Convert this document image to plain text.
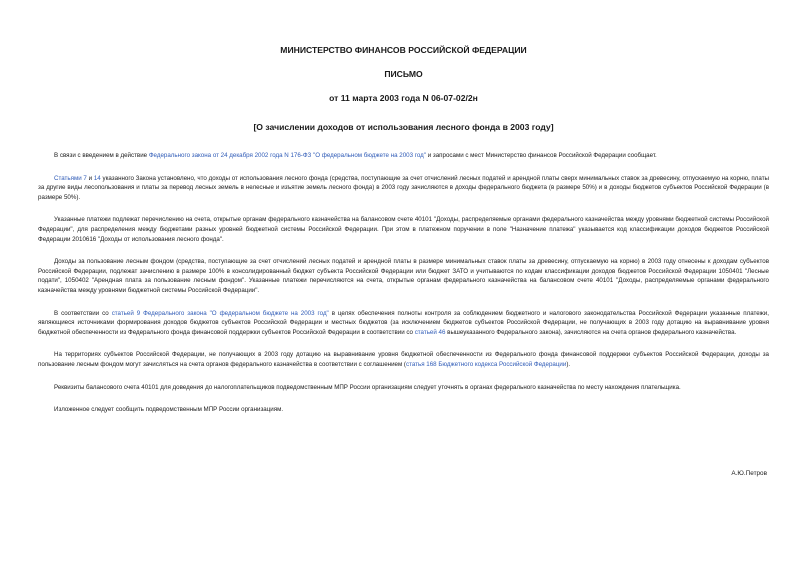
МИНИСТЕРСТВО ФИНАНСОВ РОССИЙСКОЙ ФЕДЕРАЦИИ
ПИСЬМО
от 11 марта 2003 года N 06-07-02/2н
[О зачислении доходов от использования лесного фонда в 2003 году]

В связи с введением в действие Федерального закона от 24 декабря 2002 года N 176-ФЗ "О федеральном бюджете на 2003 год" и запросами с мест Министерство финансов Российской Федерации сообщает.

Статьями 7 и 14 указанного Закона установлено, что доходы от использования лесного фонда (средства, поступающие за счет отчислений лесных податей и арендной платы сверх минимальных ставок за древесину, отпускаемую на корню, платы за другие виды лесопользования и платы за перевод лесных земель в нелесные и изъятие земель лесного фонда) в 2003 году зачисляются в доходы федерального бюджета (в размере 50%) и в доходы бюджетов субъектов Российской Федерации (в размере 50%).

Указанные платежи подлежат перечислению на счета, открытые органам федерального казначейства на балансовом счете 40101 "Доходы, распределяемые органами федерального казначейства между уровнями бюджетной системы Российской Федерации", для распределения между бюджетами разных уровней бюджетной системы Российской Федерации. При этом в платежном поручении в поле "Назначение платежа" указывается код классификации доходов бюджетов Российской Федерации 2010616 "Доходы от использования лесного фонда".

Доходы за пользование лесным фондом (средства, поступающие за счет отчислений лесных податей и арендной платы в размере минимальных ставок платы за древесину, отпускаемую на корню) в 2003 году отнесены к доходам субъектов Российской Федерации, подлежат зачислению в размере 100% в консолидированный бюджет субъекта Российской Федерации или бюджет ЗАТО и учитываются по кодам классификации доходов бюджетов Российской Федерации 1050401 "Лесные подати", 1050402 "Арендная плата за пользование лесным фондом". Указанные платежи перечисляются на счета, открытые органам федерального казначейства на балансовом счете 40101 "Доходы, распределяемые органами федерального казначейства между уровнями бюджетной системы Российской Федерации".

В соответствии со статьей 9 Федерального закона "О федеральном бюджете на 2003 год" в целях обеспечения полноты контроля за соблюдением бюджетного и налогового законодательства Российской Федерации указанные платежи, являющиеся источниками формирования доходов бюджетов субъектов Российской Федерации и местных бюджетов (за исключением бюджетов субъектов Российской Федерации, не получающих в 2003 году дотацию на выравнивание уровня бюджетной обеспеченности из Федерального фонда финансовой поддержки субъектов Российской Федерации в соответствии со статьей 46 вышеуказанного Федерального закона), зачисляются на счета органов федерального казначейства.

На территориях субъектов Российской Федерации, не получающих в 2003 году дотацию на выравнивание уровня бюджетной обеспеченности из Федерального фонда финансовой поддержки субъектов Российской Федерации, доходы за пользование лесным фондом могут зачисляться на счета органов федерального казначейства в соответствии с соглашением (статья 168 Бюджетного кодекса Российской Федерации).

Реквизиты балансового счета 40101 для доведения до налогоплательщиков подведомственным МПР России организациям следует уточнять в органах федерального казначейства по месту нахождения плательщика.

Изложенное следует сообщить подведомственным МПР России организациям.

А.Ю.Петров
